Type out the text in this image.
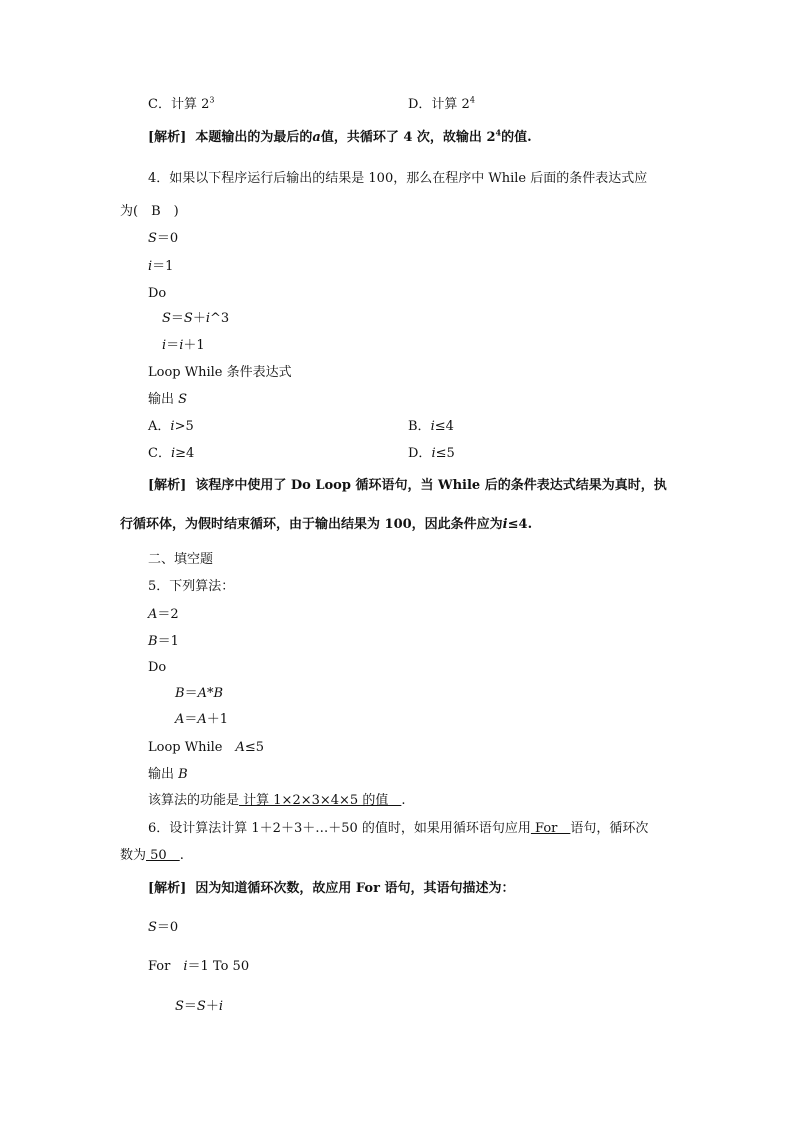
C．计算 $2^3$	D．计算 $2^4$
[解析] 本题输出的为最后的a值，共循环了 4 次，故输出 $2^4$的值.
4．如果以下程序运行后输出的结果是 100，那么在程序中 While 后面的条件表达式应
为(　B　)
S＝0
i＝1
Do
S＝S＋i^3
i＝i＋1
Loop While 条件表达式
输出 S
A．i>5	B．i≤4
C．i≥4	D．i≤5
[解析] 该程序中使用了 Do Loop 循环语句，当 While 后的条件表达式结果为真时，执
行循环体，为假时结束循环，由于输出结果为 100，因此条件应为i≤4.
二、填空题
5．下列算法：
A＝2
B＝1
Do
B＝A*B
A＝A＋1
Loop While　A≤5
输出 B
该算法的功能是 计算 1×2×3×4×5 的值　.
6．设计算法计算 1＋2＋3＋…＋50 的值时，如果用循环语句应用 For　语句，循环次
数为 50　.
[解析] 因为知道循环次数，故应用 For 语句，其语句描述为：
S＝0
For　i＝1 To 50
S＝S＋i
